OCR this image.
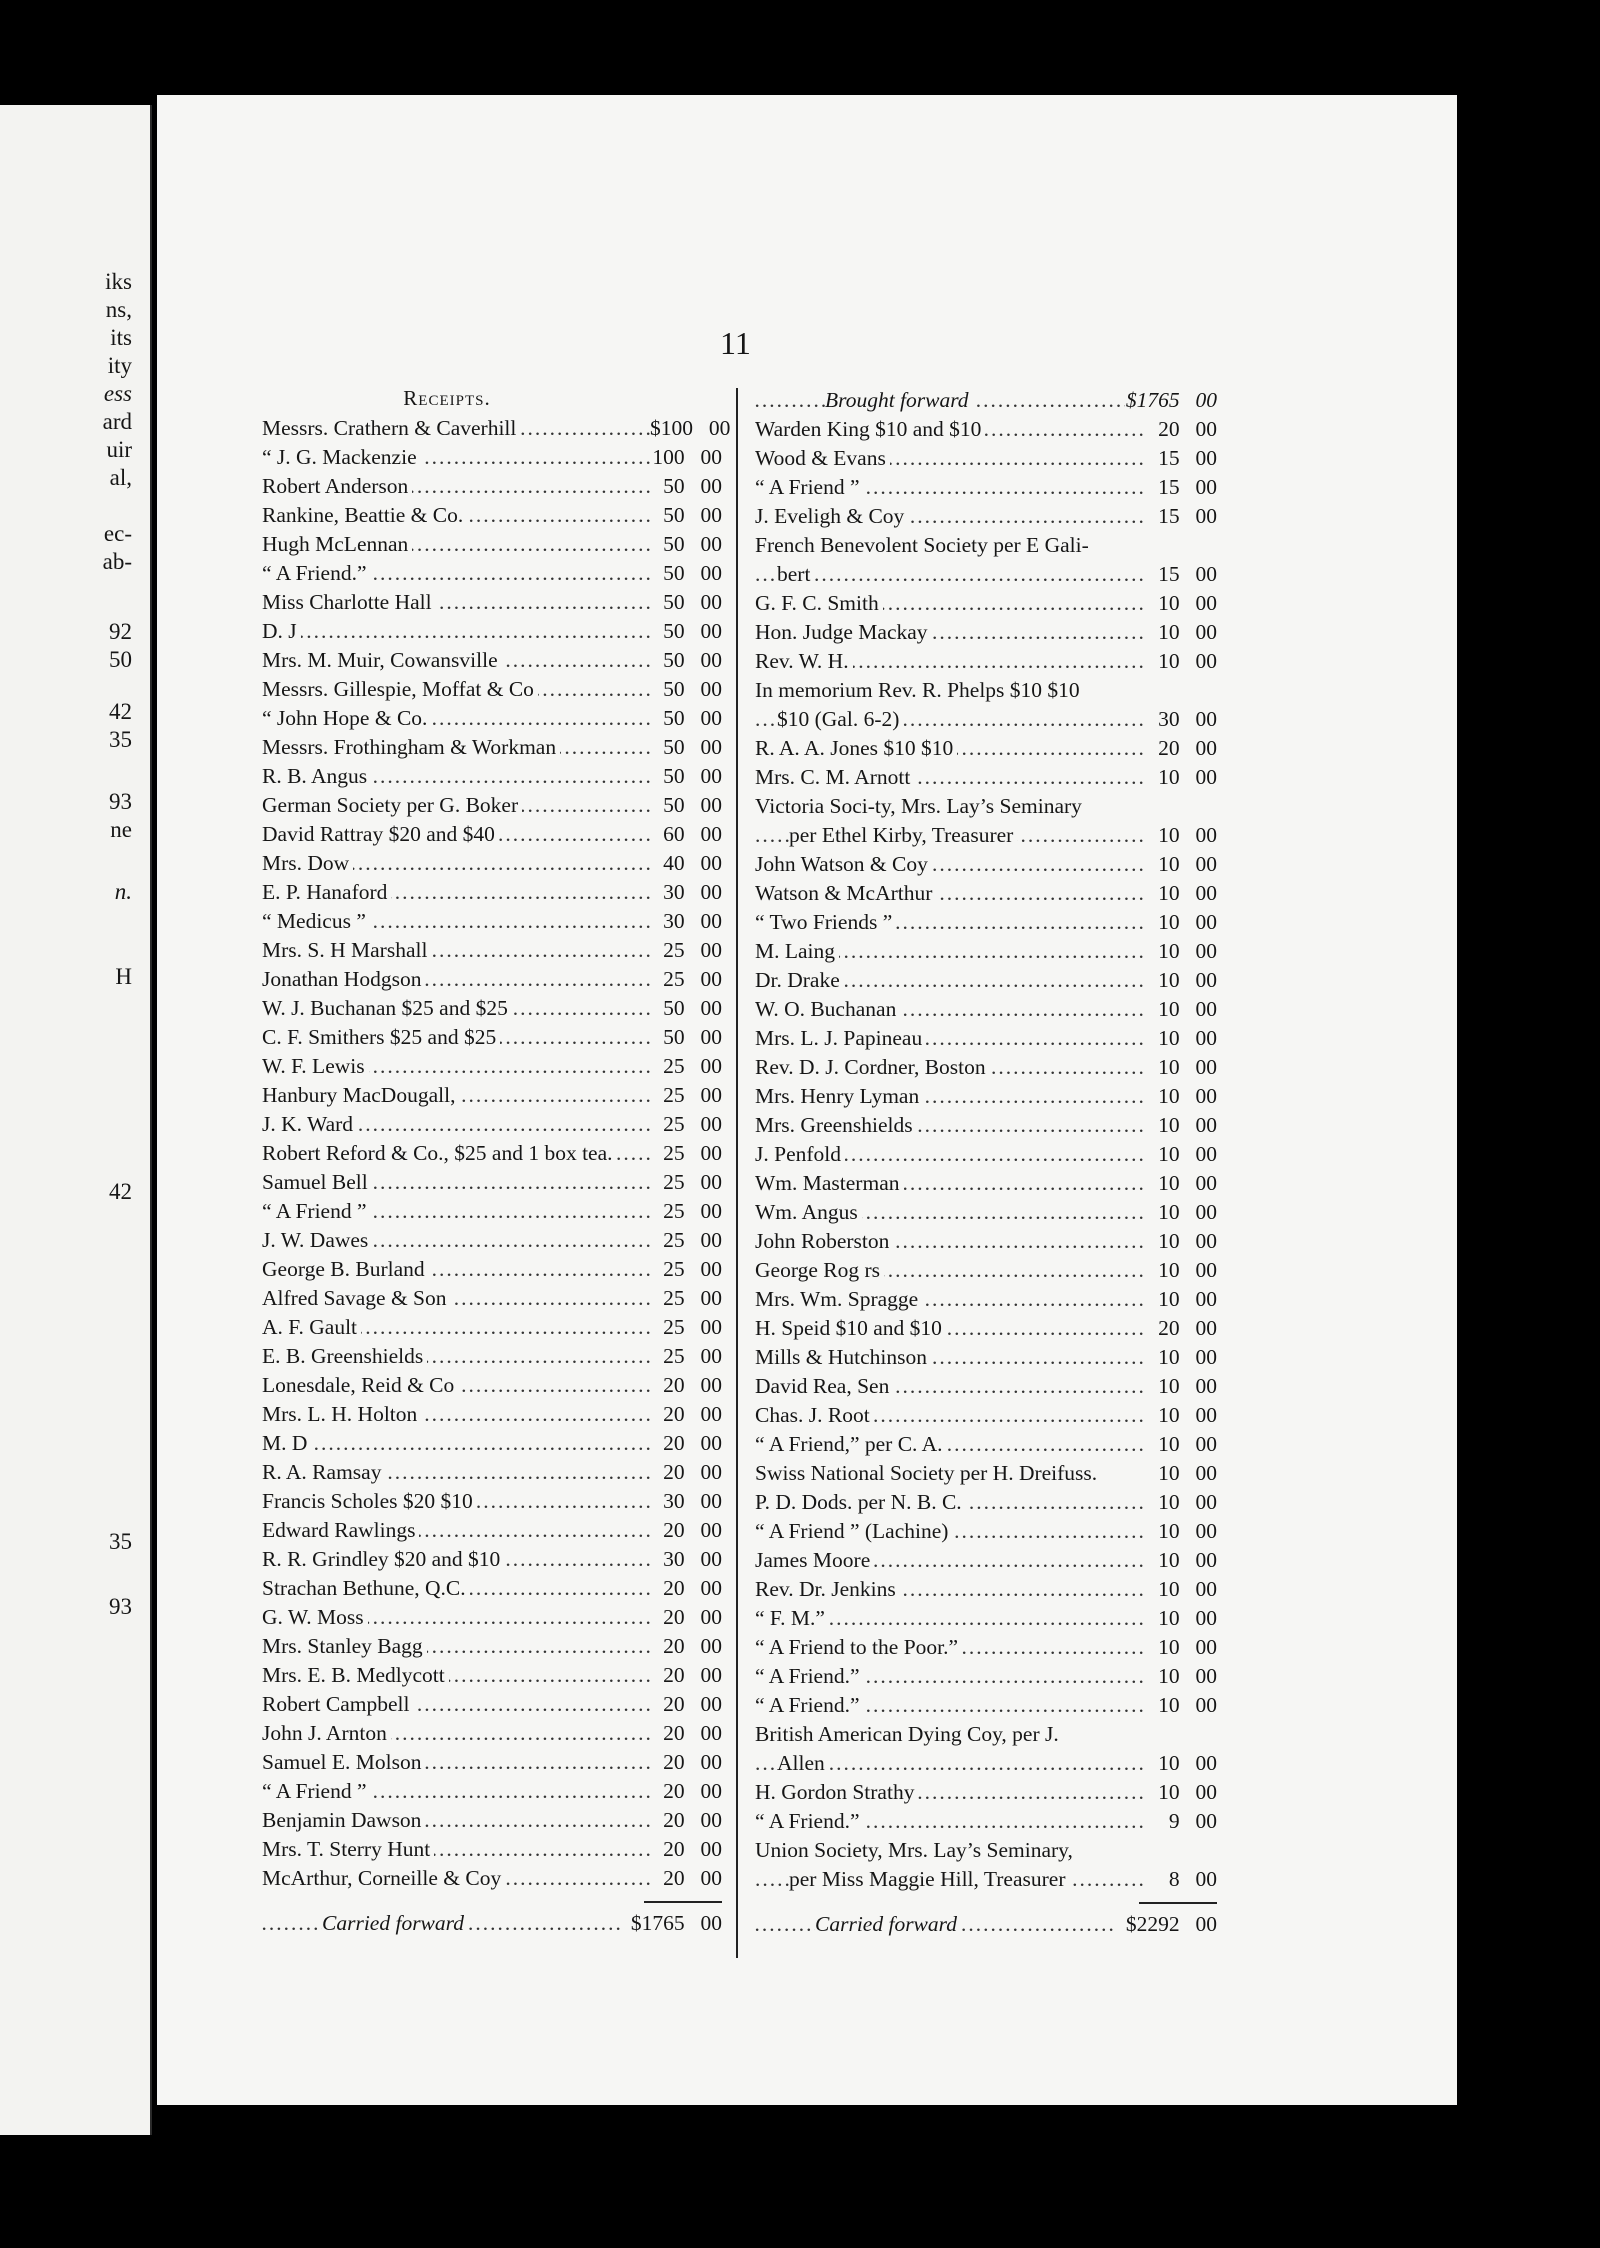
iks
ns,
its
ity
ess
ard
uir
al,
ec-
ab-
92
50
42
35
93
ne
n.
H
42
35
93
11
Receipts.
Messrs. Crathern & Caverhill .....	$100 00
“ J. G. Mackenzie .....	100 00
Robert Anderson .....	50 00
Rankine, Beattie & Co. .....	50 00
Hugh McLennan .....	50 00
“ A Friend.” .....	50 00
Miss Charlotte Hall .....	50 00
D. J .....	50 00
Mrs. M. Muir, Cowansville .....	50 00
Messrs. Gillespie, Moffat & Co .....	50 00
“ John Hope & Co. .....	50 00
Messrs. Frothingham & Workman .....	50 00
R. B. Angus .....	50 00
German Society per G. Boker .....	50 00
David Rattray $20 and $40 .....	60 00
Mrs. Dow .....	40 00
E. P. Hanaford .....	30 00
“ Medicus ” .....	30 00
Mrs. S. H Marshall .....	25 00
Jonathan Hodgson .....	25 00
W. J. Buchanan $25 and $25 .....	50 00
C. F. Smithers $25 and $25 .....	50 00
W. F. Lewis .....	25 00
Hanbury MacDougall, .....	25 00
J. K. Ward .....	25 00
Robert Reford & Co., $25 and 1 box tea. .....	25 00
Samuel Bell .....	25 00
“ A Friend ” .....	25 00
J. W. Dawes .....	25 00
George B. Burland .....	25 00
Alfred Savage & Son .....	25 00
A. F. Gault .....	25 00
E. B. Greenshields .....	25 00
Lonesdale, Reid & Co .....	20 00
Mrs. L. H. Holton .....	20 00
M. D .....	20 00
R. A. Ramsay .....	20 00
Francis Scholes $20 $10 .....	30 00
Edward Rawlings .....	20 00
R. R. Grindley $20 and $10 .....	30 00
Strachan Bethune, Q.C. .....	20 00
G. W. Moss .....	20 00
Mrs. Stanley Bagg .....	20 00
Mrs. E. B. Medlycott .....	20 00
Robert Campbell .....	20 00
John J. Arnton .....	20 00
Samuel E. Molson .....	20 00
“ A Friend ” .....	20 00
Benjamin Dawson .....	20 00
Mrs. T. Sterry Hunt .....	20 00
McArthur, Corneille & Coy .....	20 00
Carried forward .....	$1765 00
Brought forward .....	$1765 00
Warden King $10 and $10 .....	20 00
Wood & Evans .....	15 00
“ A Friend ” .....	15 00
J. Eveligh & Coy .....	15 00
French Benevolent Society per E Gali-
bert .....	15 00
G. F. C. Smith .....	10 00
Hon. Judge Mackay .....	10 00
Rev. W. H. .....	10 00
In memorium Rev. R. Phelps $10 $10
$10 (Gal. 6-2) .....	30 00
R. A. A. Jones $10 $10 .....	20 00
Mrs. C. M. Arnott .....	10 00
Victoria Soci-ty, Mrs. Lay’s Seminary
per Ethel Kirby, Treasurer .....	10 00
John Watson & Coy .....	10 00
Watson & McArthur .....	10 00
“ Two Friends ” .....	10 00
M. Laing .....	10 00
Dr. Drake .....	10 00
W. O. Buchanan .....	10 00
Mrs. L. J. Papineau .....	10 00
Rev. D. J. Cordner, Boston .....	10 00
Mrs. Henry Lyman .....	10 00
Mrs. Greenshields .....	10 00
J. Penfold .....	10 00
Wm. Masterman .....	10 00
Wm. Angus .....	10 00
John Roberston .....	10 00
George Rog rs .....	10 00
Mrs. Wm. Spragge .....	10 00
H. Speid $10 and $10 .....	20 00
Mills & Hutchinson .....	10 00
David Rea, Sen .....	10 00
Chas. J. Root .....	10 00
“ A Friend,” per C. A. .....	10 00
Swiss National Society per H. Dreifuss.	10 00
P. D. Dods. per N. B. C. .....	10 00
“ A Friend ” (Lachine) .....	10 00
James Moore .....	10 00
Rev. Dr. Jenkins .....	10 00
“ F. M.” .....	10 00
“ A Friend to the Poor.” .....	10 00
“ A Friend.” .....	10 00
“ A Friend.” .....	10 00
British American Dying Coy, per J.
Allen .....	10 00
H. Gordon Strathy .....	10 00
“ A Friend.” .....	9 00
Union Society, Mrs. Lay’s Seminary,
per Miss Maggie Hill, Treasurer .....	8 00
Carried forward .....	$2292 00
